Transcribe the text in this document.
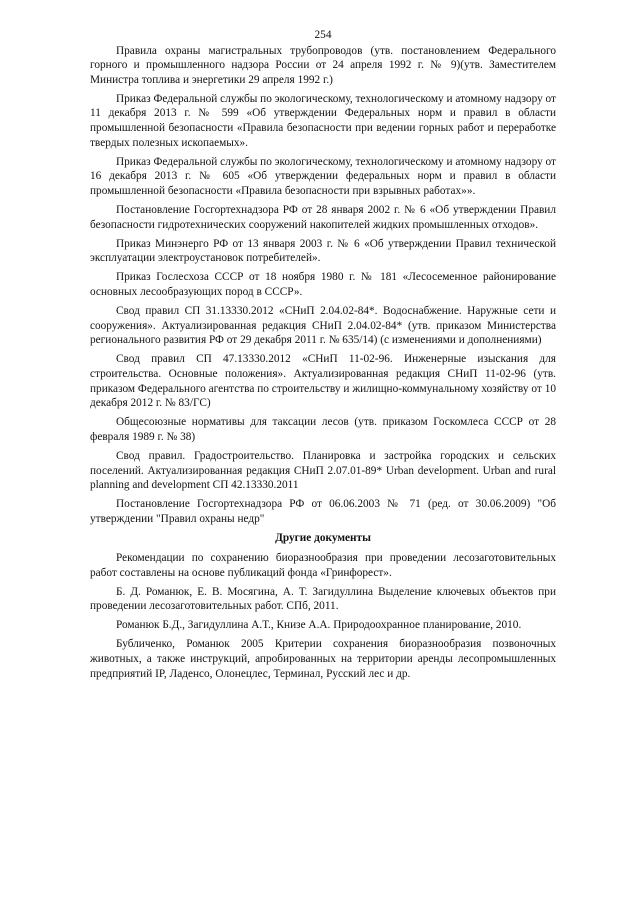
254

Правила охраны магистральных трубопроводов (утв. постановлением Федерального горного и промышленного надзора России от 24 апреля 1992 г. № 9)(утв. Заместителем Министра топлива и энергетики 29 апреля 1992 г.)

Приказ Федеральной службы по экологическому, технологическому и атомному надзору от 11 декабря 2013 г. № 599 «Об утверждении Федеральных норм и правил в области промышленной безопасности «Правила безопасности при ведении горных работ и переработке твердых полезных ископаемых».

Приказ Федеральной службы по экологическому, технологическому и атомному надзору от 16 декабря 2013 г. № 605 «Об утверждении федеральных норм и правил в области промышленной безопасности «Правила безопасности при взрывных работах»».

Постановление Госгортехнадзора РФ от 28 января 2002 г. № 6 «Об утверждении Правил безопасности гидротехнических сооружений накопителей жидких промышленных отходов».

Приказ Минэнерго РФ от 13 января 2003 г. № 6 «Об утверждении Правил технической эксплуатации электроустановок потребителей».

Приказ Гослесхоза СССР от 18 ноября 1980 г. № 181 «Лесосеменное районирование основных лесообразующих пород в СССР».

Свод правил СП 31.13330.2012 «СНиП 2.04.02-84*. Водоснабжение. Наружные сети и сооружения». Актуализированная редакция СНиП 2.04.02-84* (утв. приказом Министерства регионального развития РФ от 29 декабря 2011 г. № 635/14) (с изменениями и дополнениями)

Свод правил СП 47.13330.2012 «СНиП 11-02-96. Инженерные изыскания для строительства. Основные положения». Актуализированная редакция СНиП 11-02-96 (утв. приказом Федерального агентства по строительству и жилищно-коммунальному хозяйству от 10 декабря 2012 г. № 83/ГС)

Общесоюзные нормативы для таксации лесов (утв. приказом Госкомлеса СССР от 28 февраля 1989 г. № 38)

Свод правил. Градостроительство. Планировка и застройка городских и сельских поселений. Актуализированная редакция СНиП 2.07.01-89* Urban development. Urban and rural planning and development СП 42.13330.2011

Постановление Госгортехнадзора РФ от 06.06.2003 № 71 (ред. от 30.06.2009) "Об утверждении "Правил охраны недр"

Другие документы

Рекомендации по сохранению биоразнообразия при проведении лесозаготовительных работ составлены на основе публикаций фонда «Гринфорест».

Б. Д. Романюк, Е. В. Мосягина, А. Т. Загидуллина Выделение ключевых объектов при проведении лесозаготовительных работ. СПб, 2011.

Романюк Б.Д., Загидуллина А.Т., Книзе А.А. Природоохранное планирование, 2010.

Бубличенко, Романюк 2005 Критерии сохранения биоразнообразия позвоночных животных, а также инструкций, апробированных на территории аренды лесопромышленных предприятий IP, Ладенсо, Олонецлес, Терминал, Русский лес и др.
